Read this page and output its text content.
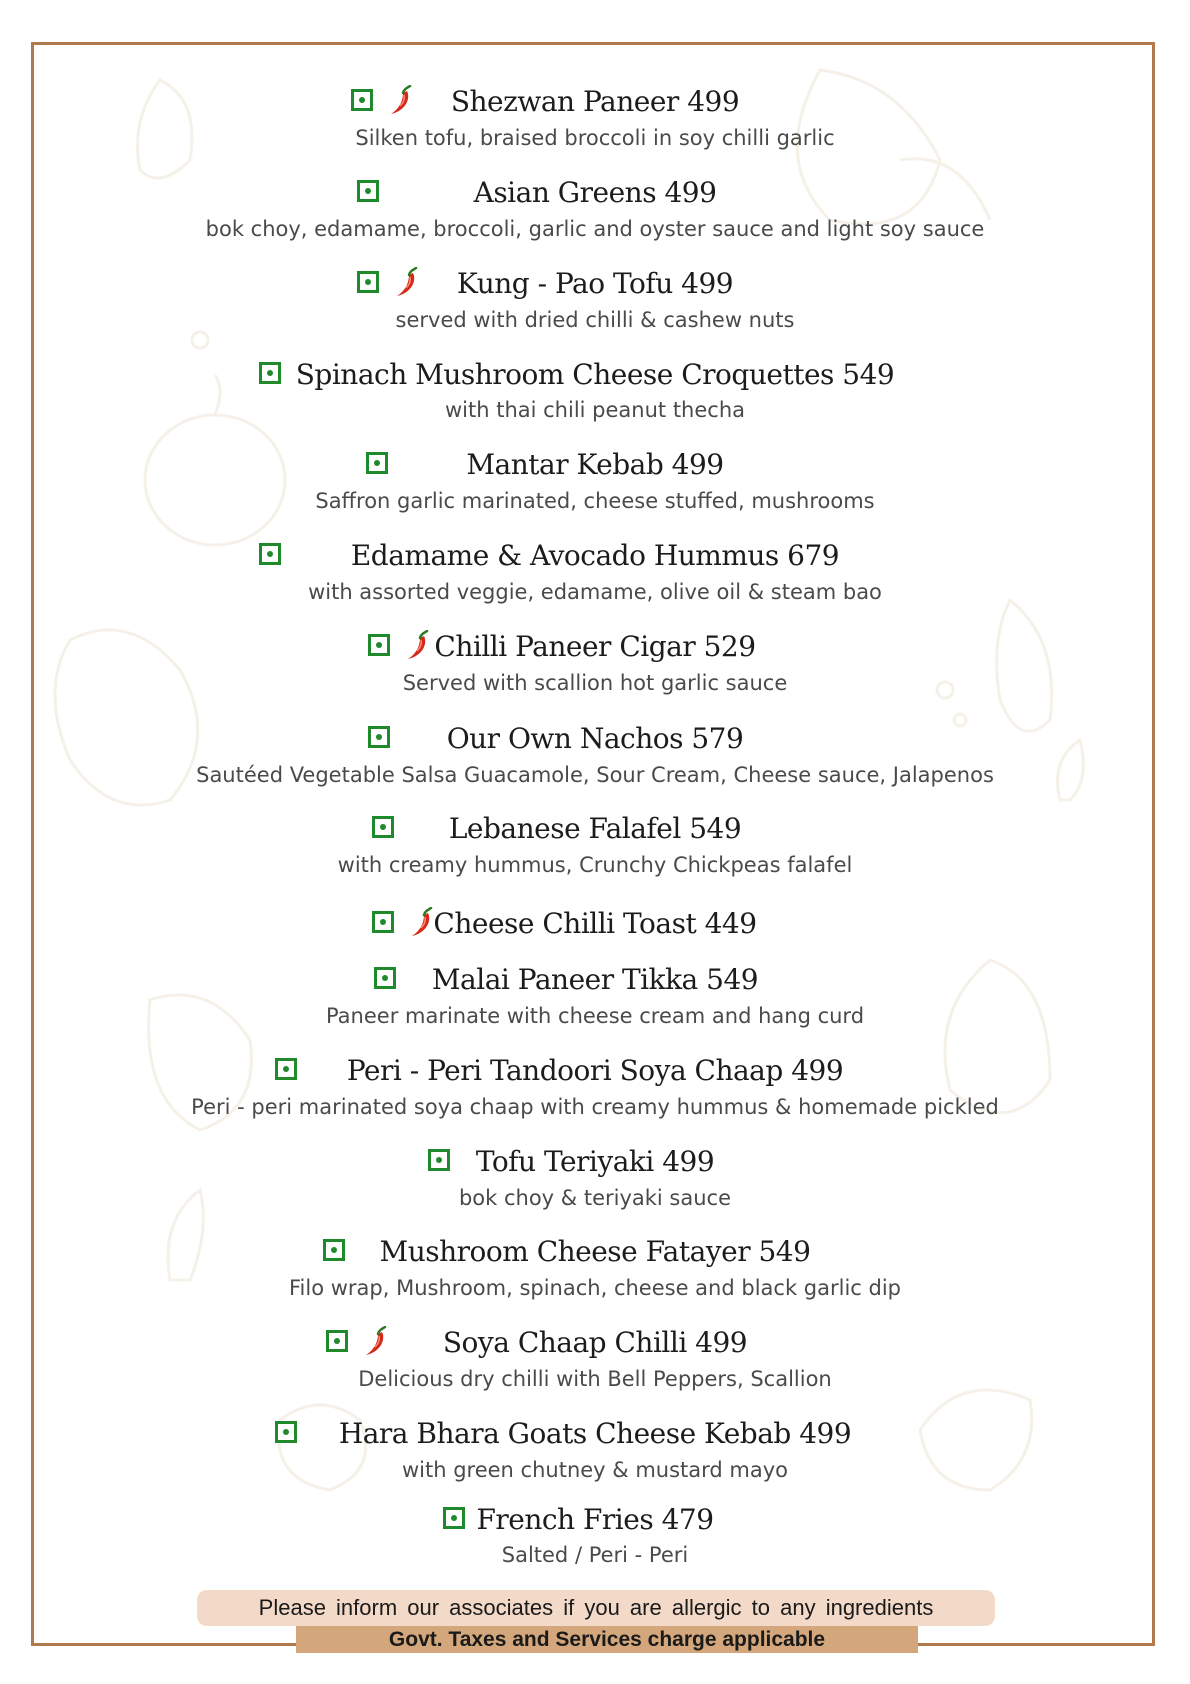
Shezwan Paneer 499
Silken tofu, braised broccoli in soy chilli garlic
Asian Greens 499
bok choy, edamame, broccoli, garlic and oyster sauce and light soy sauce
Kung - Pao Tofu 499
served with dried chilli & cashew nuts
Spinach Mushroom Cheese Croquettes 549
with thai chili peanut thecha
Mantar Kebab 499
Saffron garlic marinated, cheese stuffed, mushrooms
Edamame & Avocado Hummus 679
with assorted veggie, edamame, olive oil & steam bao
Chilli Paneer Cigar 529
Served with scallion hot garlic sauce
Our Own Nachos 579
Sautéed Vegetable Salsa Guacamole, Sour Cream, Cheese sauce, Jalapenos
Lebanese Falafel 549
with creamy hummus, Crunchy Chickpeas falafel
Cheese Chilli Toast 449
Malai Paneer Tikka 549
Paneer marinate with cheese cream and hang curd
Peri - Peri Tandoori Soya Chaap 499
Peri - peri marinated soya chaap with creamy hummus & homemade pickled
Tofu Teriyaki 499
bok choy & teriyaki sauce
Mushroom Cheese Fatayer 549
Filo wrap, Mushroom, spinach, cheese and black garlic dip
Soya Chaap Chilli 499
Delicious dry chilli with Bell Peppers, Scallion
Hara Bhara Goats Cheese Kebab 499
with green chutney & mustard mayo
French Fries 479
Salted / Peri - Peri
Please inform our associates if you are allergic to any ingredients
Govt. Taxes and Services charge applicable
